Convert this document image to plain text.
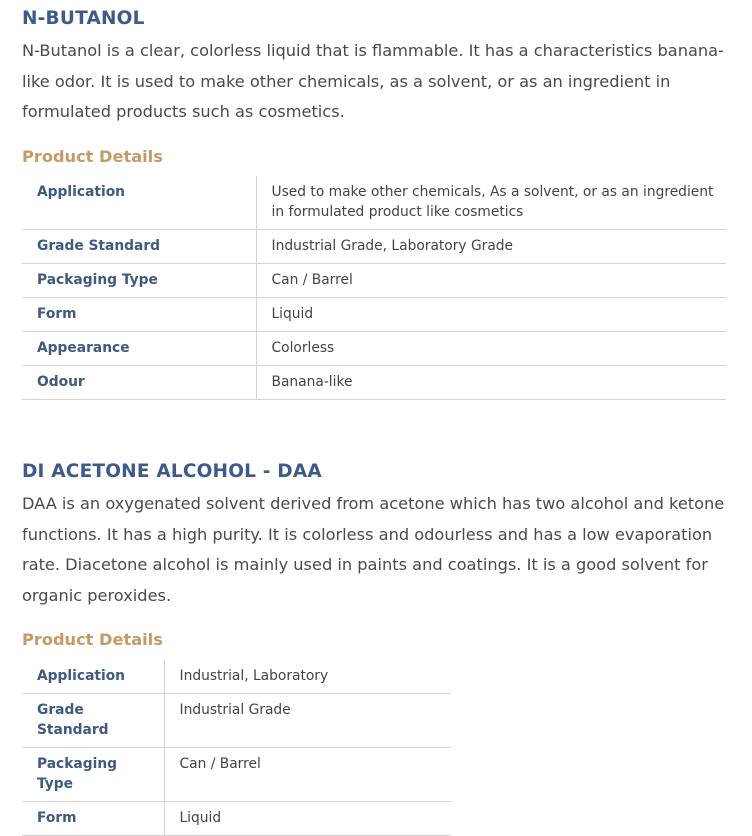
N-BUTANOL

N-Butanol is a clear, colorless liquid that is flammable. It has a characteristics banana-like odor. It is used to make other chemicals, as a solvent, or as an ingredient in formulated products such as cosmetics.

Product Details
Application	Used to make other chemicals, As a solvent, or as an ingredient in formulated product like cosmetics
Grade Standard	Industrial Grade, Laboratory Grade
Packaging Type	Can / Barrel
Form	Liquid
Appearance	Colorless
Odour	Banana-like
DI ACETONE ALCOHOL - DAA

DAA is an oxygenated solvent derived from acetone which has two alcohol and ketone functions. It has a high purity. It is colorless and odourless and has a low evaporation rate. Diacetone alcohol is mainly used in paints and coatings. It is a good solvent for organic peroxides.

Product Details
Application	Industrial, Laboratory
Grade Standard	Industrial Grade
Packaging Type	Can / Barrel
Form	Liquid
